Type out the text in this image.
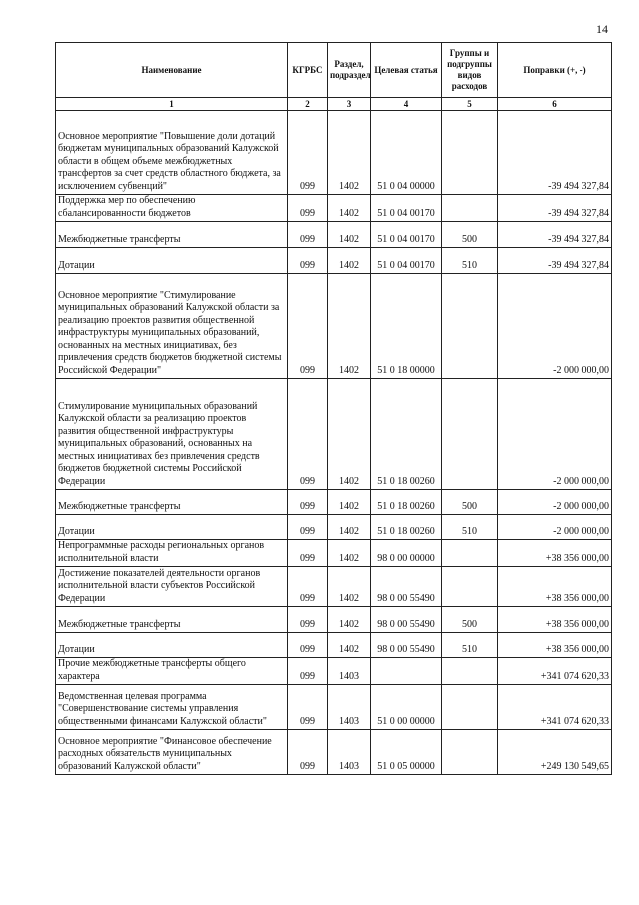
14
Наименование	КГРБС	Раздел, подраздел	Целевая статья	Группы и подгруппы видов расходов	Поправки (+, -)
1	2	3	4	5	6
Основное мероприятие "Повышение доли дотаций бюджетам муниципальных образований Калужской области в общем объеме межбюджетных трансфертов за счет средств областного бюджета, за исключением субвенций"	099	1402	51 0 04 00000		-39 494 327,84
Поддержка мер по обеспечению сбалансированности бюджетов	099	1402	51 0 04 00170		-39 494 327,84
Межбюджетные трансферты	099	1402	51 0 04 00170	500	-39 494 327,84
Дотации	099	1402	51 0 04 00170	510	-39 494 327,84
Основное мероприятие "Стимулирование муниципальных образований Калужской области за реализацию проектов развития общественной инфраструктуры муниципальных образований, основанных на местных инициативах, без привлечения средств бюджетов бюджетной системы Российской Федерации"	099	1402	51 0 18 00000		-2 000 000,00
Стимулирование муниципальных образований Калужской области за реализацию проектов развития общественной инфраструктуры муниципальных образований, основанных на местных инициативах без привлечения средств бюджетов бюджетной системы Российской Федерации	099	1402	51 0 18 00260		-2 000 000,00
Межбюджетные трансферты	099	1402	51 0 18 00260	500	-2 000 000,00
Дотации	099	1402	51 0 18 00260	510	-2 000 000,00
Непрограммные расходы региональных органов исполнительной власти	099	1402	98 0 00 00000		+38 356 000,00
Достижение показателей деятельности органов исполнительной власти субъектов Российской Федерации	099	1402	98 0 00 55490		+38 356 000,00
Межбюджетные трансферты	099	1402	98 0 00 55490	500	+38 356 000,00
Дотации	099	1402	98 0 00 55490	510	+38 356 000,00
Прочие межбюджетные трансферты общего характера	099	1403			+341 074 620,33
Ведомственная целевая программа "Совершенствование системы управления общественными финансами Калужской области"	099	1403	51 0 00 00000		+341 074 620,33
Основное мероприятие "Финансовое обеспечение расходных обязательств муниципальных образований Калужской области"	099	1403	51 0 05 00000		+249 130 549,65
